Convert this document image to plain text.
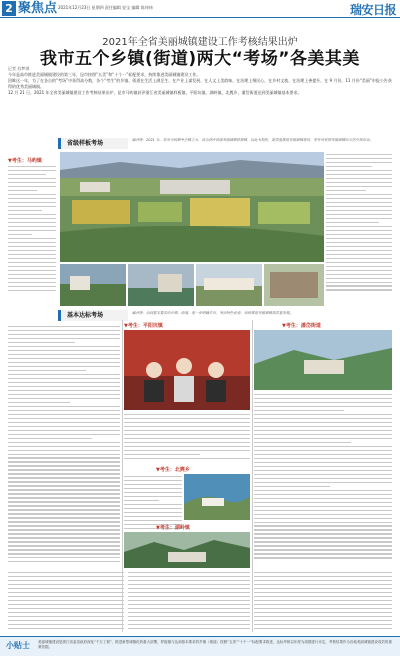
2 聚焦点 2021年12月23日 星期四 责任编辑 安宝 编辑 陈炜炜	瑞安日报
2021年全省美丽城镇建设工作考核结果出炉
我市五个乡镇(街道)两大“考场”各美其美
记者 苏梦琪

今年是高市推进美丽城镇建设的第三年，昆市按照“五美”和“十个一”标配要求，持续推进美丽城镇建设工作。

回眸这一年，为了在各自的“考场”中获得高分数，各个“考生”的乡镇、街道在生活上满足生、在产业上谋发展、在人文上美韵味、在治理上聚民心，在乡村文旅、在治理上善提升，在 9 月份、11 月份“美丽”申报公告获得的优秀美丽城镇。

12 月 21 日，2021 年全省美丽城镇建设工作考核结果出炉，昆市马屿镇获评浙江省美丽城镇样板镇、平阳坑镇、湖岭镇、北麂乡、潘岱街道达到美丽城镇基本要求。

省级样板考场	编者按：2021 年，我市马屿镇举全镇之力，成功获评省级美丽城镇样板镇，以此为契机，高质量推进美丽城镇建设，更有效发挥美丽城镇的示范引领作用。
▼考生：马屿镇
基本达标考场	编者按：达到基本要求的乡镇、街道，进一步明确方向，突出特色优势，加快推进美丽城镇高质量发展。
▼考生：平阳坑镇	▼考生：潘岱街道
▼考生：北麂乡
▼考生：湖岭镇
小贴士 美丽城镇建设是浙江省委省政府深化“千万工程”、推进新型城镇化的重大部署，样板镇与达到基本要求的乡镇（街道）按照“五美”“十个一”标配要求推进，达标考核以年度为周期进行评定，考核结果作为各地美丽城镇建设成效的重要依据。
